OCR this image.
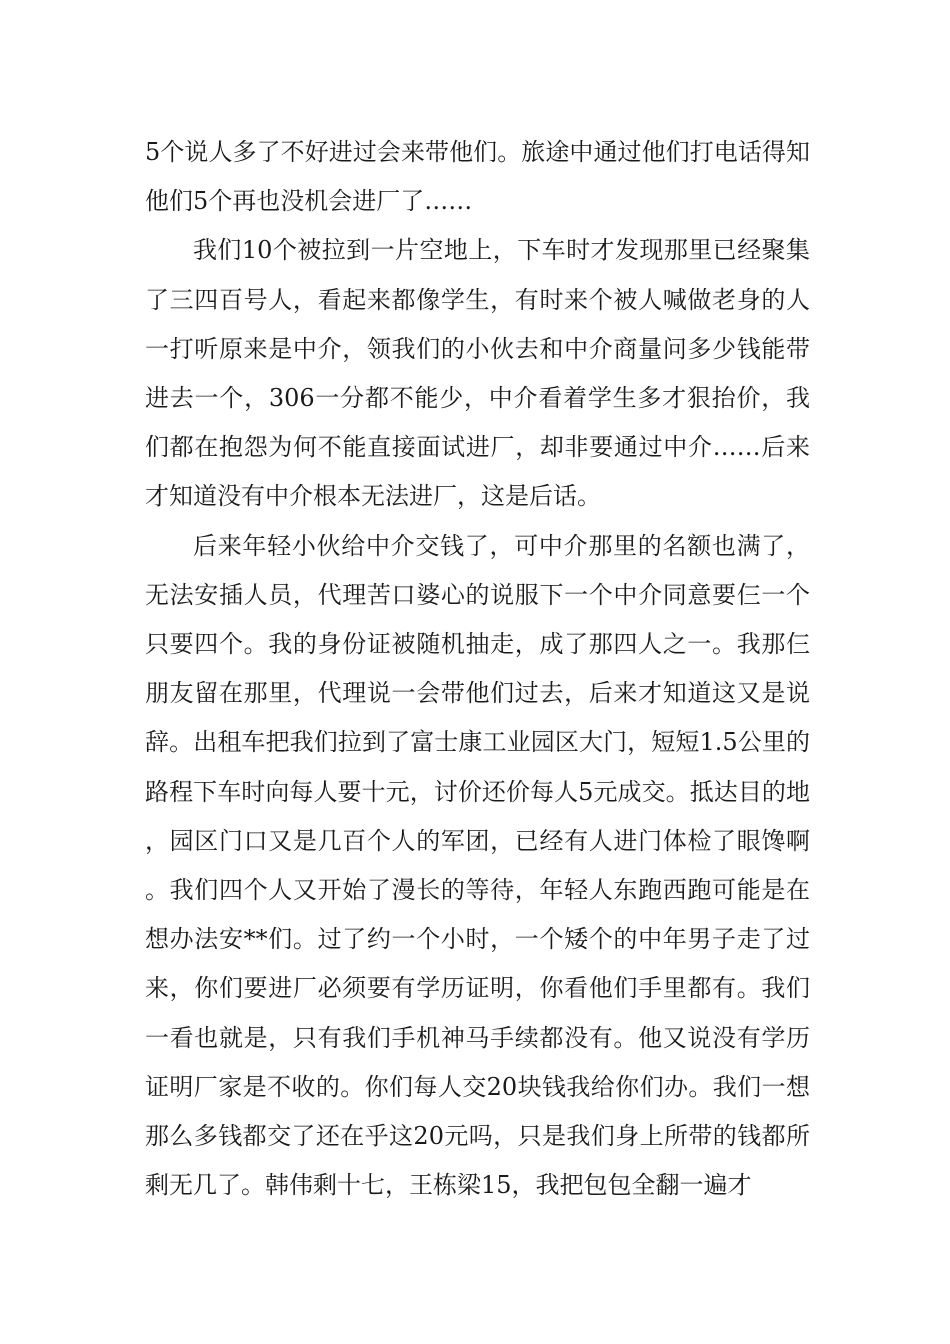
5个说人多了不好进过会来带他们。旅途中通过他们打电话得知他们5个再也没机会进厂了……

我们10个被拉到一片空地上，下车时才发现那里已经聚集了三四百号人，看起来都像学生，有时来个被人喊做老身的人一打听原来是中介，领我们的小伙去和中介商量问多少钱能带进去一个，306一分都不能少，中介看着学生多才狠抬价，我们都在抱怨为何不能直接面试进厂，却非要通过中介……后来才知道没有中介根本无法进厂，这是后话。

后来年轻小伙给中介交钱了，可中介那里的名额也满了，无法安插人员，代理苦口婆心的说服下一个中介同意要仨一个只要四个。我的身份证被随机抽走，成了那四人之一。我那仨朋友留在那里，代理说一会带他们过去，后来才知道这又是说辞。出租车把我们拉到了富士康工业园区大门，短短1.5公里的路程下车时向每人要十元，讨价还价每人5元成交。抵达目的地，园区门口又是几百个人的军团，已经有人进门体检了眼馋啊。我们四个人又开始了漫长的等待，年轻人东跑西跑可能是在想办法安**们。过了约一个小时，一个矮个的中年男子走了过来，你们要进厂必须要有学历证明，你看他们手里都有。我们一看也就是，只有我们手机神马手续都没有。他又说没有学历证明厂家是不收的。你们每人交20块钱我给你们办。我们一想那么多钱都交了还在乎这20元吗，只是我们身上所带的钱都所剩无几了。韩伟剩十七，王栋梁15，我把包包全翻一遍才
